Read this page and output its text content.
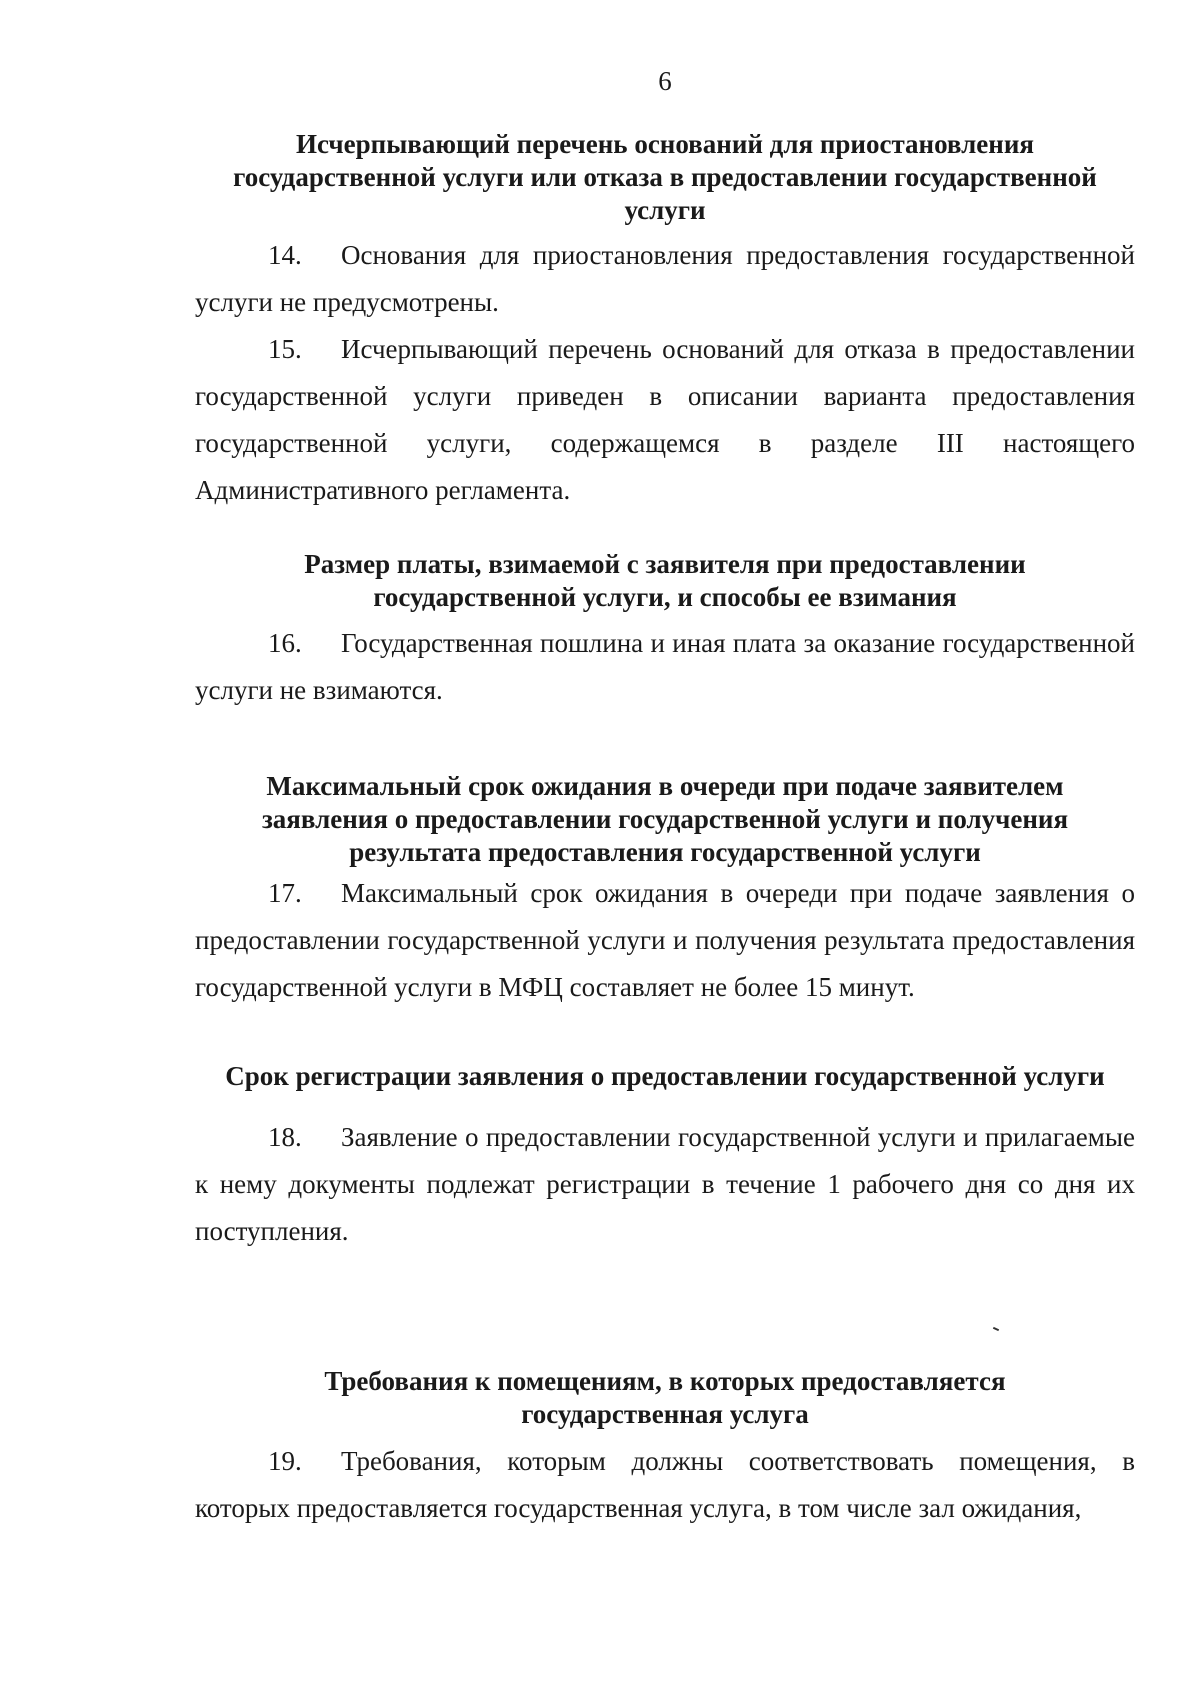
6
Исчерпывающий перечень оснований для приостановления
государственной услуги или отказа в предоставлении государственной
услуги
14. Основания для приостановления предоставления государственной услуги не предусмотрены.
15. Исчерпывающий перечень оснований для отказа в предоставлении государственной услуги приведен в описании варианта предоставления государственной услуги, содержащемся в разделе III настоящего Административного регламента.
Размер платы, взимаемой с заявителя при предоставлении
государственной услуги, и способы ее взимания
16. Государственная пошлина и иная плата за оказание государственной услуги не взимаются.
Максимальный срок ожидания в очереди при подаче заявителем
заявления о предоставлении государственной услуги и получения
результата предоставления государственной услуги
17. Максимальный срок ожидания в очереди при подаче заявления о предоставлении государственной услуги и получения результата предоставления государственной услуги в МФЦ составляет не более 15 минут.
Срок регистрации заявления о предоставлении государственной услуги
18. Заявление о предоставлении государственной услуги и прилагаемые к нему документы подлежат регистрации в течение 1 рабочего дня со дня их поступления.
Требования к помещениям, в которых предоставляется
государственная услуга
19. Требования, которым должны соответствовать помещения, в которых предоставляется государственная услуга, в том числе зал ожидания,
